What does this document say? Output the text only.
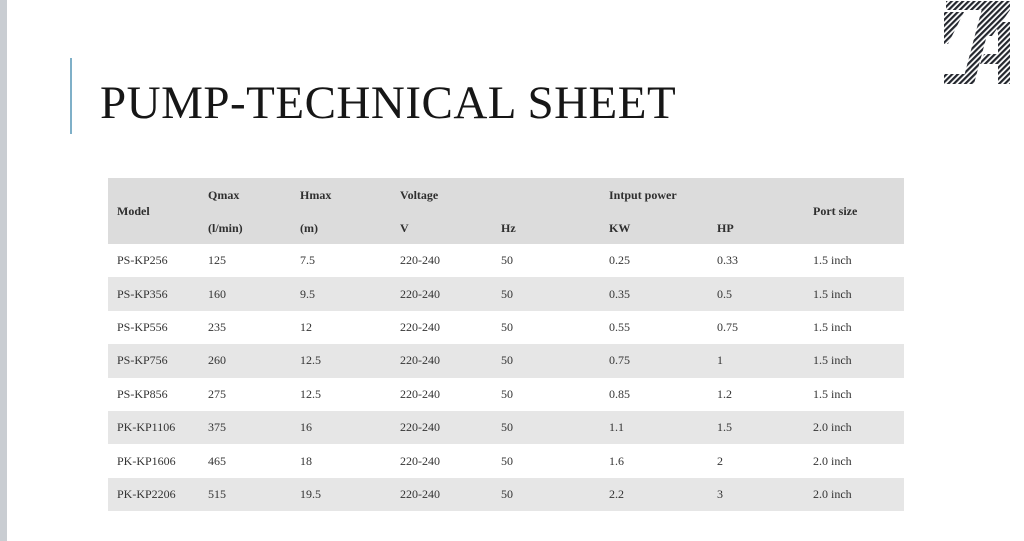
PUMP-TECHNICAL SHEET
Model	Qmax	Hmax	Voltage		Intput power		Port size
	(l/min)	(m)	V	Hz	KW	HP	
PS-KP256	125	7.5	220-240	50	0.25	0.33	1.5 inch
PS-KP356	160	9.5	220-240	50	0.35	0.5	1.5 inch
PS-KP556	235	12	220-240	50	0.55	0.75	1.5 inch
PS-KP756	260	12.5	220-240	50	0.75	1	1.5 inch
PS-KP856	275	12.5	220-240	50	0.85	1.2	1.5 inch
PK-KP1106	375	16	220-240	50	1.1	1.5	2.0 inch
PK-KP1606	465	18	220-240	50	1.6	2	2.0 inch
PK-KP2206	515	19.5	220-240	50	2.2	3	2.0 inch
